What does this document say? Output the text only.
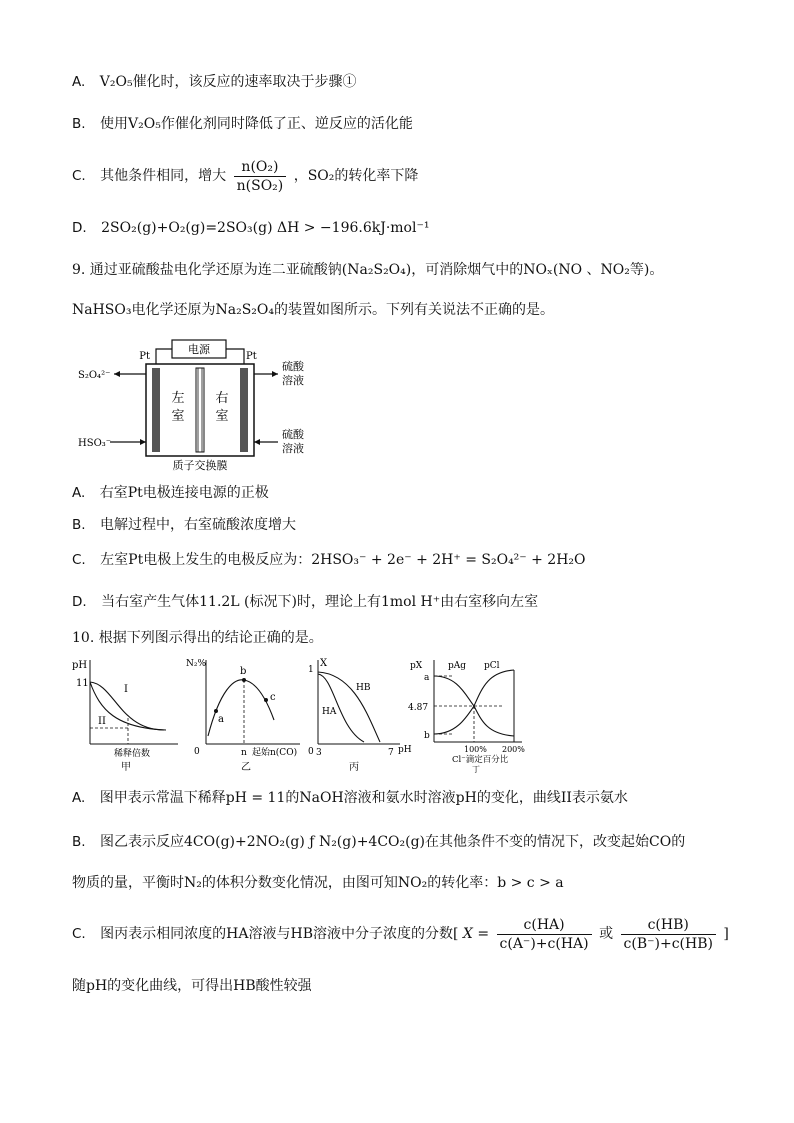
A. V₂O₅催化时，该反应的速率取决于步骤①
B. 使用V₂O₅作催化剂同时降低了正、逆反应的活化能
C. 其他条件相同，增大 $\frac{\text{n(O₂)}}{\text{n(SO₂)}}$ ，SO₂的转化率下降
D. 2SO₂(g)+O₂(g)=2SO₃(g) ΔH > −196.6kJ·mol⁻¹
9. 通过亚硫酸盐电化学还原为连二亚硫酸钠(Na₂S₂O₄)，可消除烟气中的NOₓ(NO 、NO₂等)。
NaHSO₃电化学还原为Na₂S₂O₄的装置如图所示。下列有关说法不正确的是。
电源
Pt	Pt
左
室
右
室
S₂O₄²⁻
HSO₃⁻
硫酸
溶液
硫酸
溶液
质子交换膜
A. 右室Pt电极连接电源的正极
B. 电解过程中，右室硫酸浓度增大
C. 左室Pt电极上发生的电极反应为：2HSO₃⁻ + 2e⁻ + 2H⁺ = S₂O₄²⁻ + 2H₂O
D. 当右室产生气体11.2L (标况下)时，理论上有1mol H⁺由右室移向左室
10. 根据下列图示得出的结论正确的是。
pH
11
I
II
稀释倍数
甲
N₂%
0
a
b
c
n 起始n(CO)
乙
X
1
0
HB
HA
3	7 pH
丙
pX	pAg pCl
a
4.87
b
100% 200%
Cl⁻滴定百分比
丁
A. 图甲表示常温下稀释pH = 11的NaOH溶液和氨水时溶液pH的变化，曲线II表示氨水
B. 图乙表示反应4CO(g)+2NO₂(g) ƒ N₂(g)+4CO₂(g)在其他条件不变的情况下，改变起始CO的
物质的量，平衡时N₂的体积分数变化情况，由图可知NO₂的转化率：b > c > a
C. 图丙表示相同浓度的HA溶液与HB溶液中分子浓度的分数[ $X = \frac{c(HA)}{c(A^-)+c(HA)}$ 或 $\frac{c(HB)}{c(B^-)+c(HB)}$ ]
随pH的变化曲线，可得出HB酸性较强
